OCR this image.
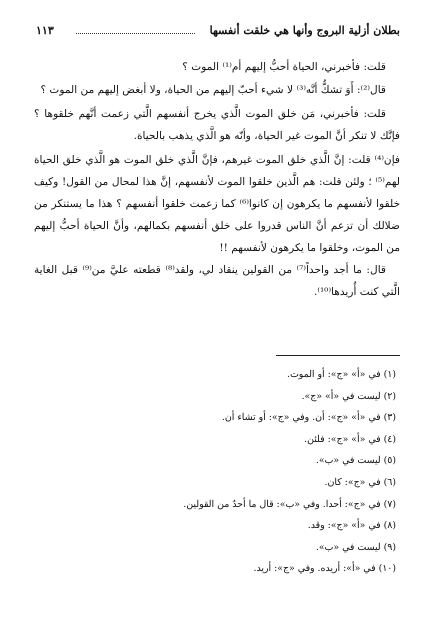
بطلان أزلية البروج وأنها هي خلقت أنفسها
١١٣

قلت: فأخبرني، الحياة أحبُّ إليهم أم⁽¹⁾ الموت ؟

قال⁽²⁾: أَوَ تشكُّ أنَّه⁽³⁾ لا شيء أحبّ إليهم من الحياة، ولا أبغض إليهم من الموت ؟

قلت: فأخبرني، مَن خلق الموت الَّذي يخرج أنفسهم الَّتي زعمت أنَّهم خلقوها ؟ فإنَّك لا تنكر أنَّ الموت غير الحياة، وأنّه هو الَّذي يذهب بالحياة.

فإن⁽⁴⁾ قلت: إنَّ الَّذي خلق الموت غيرهم، فإنَّ الَّذي خلق الموت هو الَّذي خلق الحياة لهم⁽⁵⁾ ؛ ولئن قلت: هم الَّذين خلقوا الموت لأنفسهم، إنَّ هذا لمحال من القول! وكيف خلقوا لأنفسهم ما يكرهون إن كانوا⁽⁶⁾ كما زعمت خلقوا أنفسهم ؟ هذا ما يستنكر من ضلالك أن تزعم أنَّ الناس قدروا على خلق أنفسهم بكمالهم، وأنَّ الحياة أحبُّ إليهم من الموت، وخلقوا ما يكرهون لأنفسهم !!

قال: ما أجد واحداً⁽⁷⁾ من القولين ينقاد لي، ولقد⁽⁸⁾ قطعته عليَّ من⁽⁹⁾ قبل الغاية الَّتي كنت أُريدها⁽¹⁰⁾.

(١) في «أ» «ج»: أو الموت.
(٢) ليست في «أ» «ج».
(٣) في «أ» «ج»: أن. وفي «ج»: أو تشاء أن.
(٤) في «أ» «ج»: فلئن.
(٥) ليست في «ب».
(٦) في «ج»: كان.
(٧) في «ج»: أحدا. وفي «ب»: قال ما أحدٌ من القولين.
(٨) في «أ» «ج»: وقد.
(٩) ليست في «ب».
(١٠) في «أ»: أريده. وفي «ج»: أريد.
